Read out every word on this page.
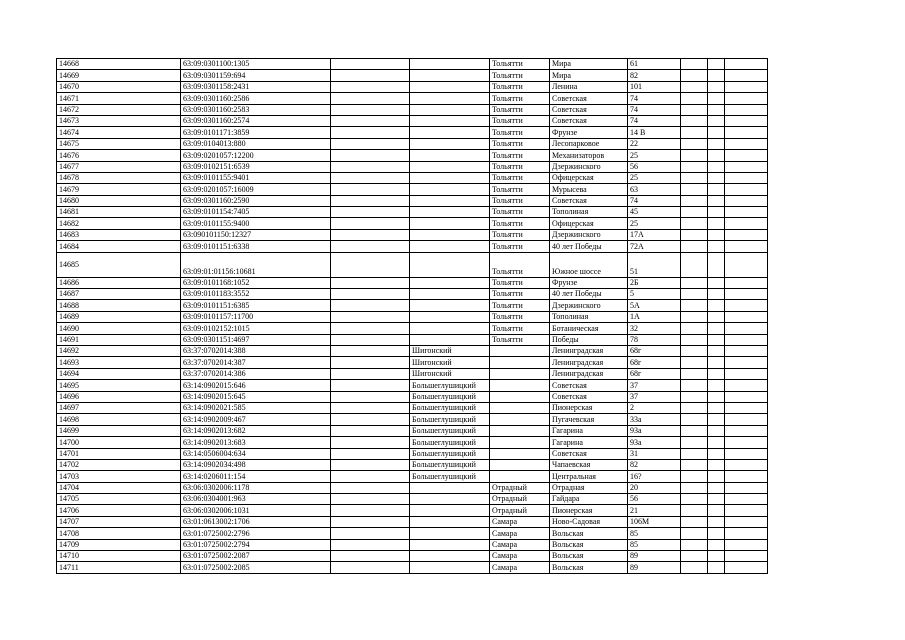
14668	63:09:0301100:1305			Тольятти	Мира	61			
14669	63:09:0301159:694			Тольятти	Мира	82			
14670	63:09:0301158:2431			Тольятти	Ленина	101			
14671	63:09:0301160:2586			Тольятти	Советская	74			
14672	63:09:0301160:2583			Тольятти	Советская	74			
14673	63:09:0301160:2574			Тольятти	Советская	74			
14674	63:09:0101171:3859			Тольятти	Фрунзе	14 В			
14675	63:09:0104013:880			Тольятти	Лесопарковое	22			
14676	63:09:0201057:12200			Тольятти	Механизаторов	25			
14677	63:09:0102151:6539			Тольятти	Дзержинского	56			
14678	63:09:0101155:9401			Тольятти	Офицерская	25			
14679	63:09:0201057:16009			Тольятти	Мурысева	63			
14680	63:09:0301160:2590			Тольятти	Советская	74			
14681	63:09:0101154:7405			Тольятти	Тополиная	45			
14682	63:09:0101155:9400			Тольятти	Офицерская	25			
14683	63:090101150:12327			Тольятти	Дзержинского	17А			
14684	63:09:0101151:6338			Тольятти	40 лет Победы	72А			
14685	63:09:01:01156:10681			Тольятти	Южное шоссе	51			
14686	63:09:0101168:1052			Тольятти	Фрунзе	2Б			
14687	63:09:0101183:3552			Тольятти	40 лет Победы	5			
14688	63:09:0101151:6385			Тольятти	Дзержинского	5А			
14689	63:09:0101157:11700			Тольятти	Тополиная	1А			
14690	63:09:0102152:1015			Тольятти	Ботаническая	32			
14691	63:09:0301151:4697			Тольятти	Победы	78			
14692	63:37:0702014:388		Шигонский		Ленинградская	68г			
14693	63:37:0702014:387		Шигонский		Ленинградская	68г			
14694	63:37:0702014:386		Шигонский		Ленинградская	68г			
14695	63:14:0902015:646		Большеглушицкий		Советская	37			
14696	63:14:0902015:645		Большеглушицкий		Советская	37			
14697	63:14:0902021:585		Большеглушицкий		Пионерская	2			
14698	63:14:0902009:467		Большеглушицкий		Пугачевская	33а			
14699	63:14:0902013:682		Большеглушицкий		Гагарина	93а			
14700	63:14:0902013:683		Большеглушицкий		Гагарина	93а			
14701	63:14:0506004:634		Большеглушицкий		Советская	31			
14702	63:14:0902034:498		Большеглушицкий		Чапаевская	82			
14703	63:14:0206011:154		Большеглушицкий		Центральная	16?			
14704	63:06:0302006:1178			Отрадный	Отрадная	20			
14705	63:06:0304001:963			Отрадный	Гайдара	56			
14706	63:06:0302006:1031			Отрадный	Пионерская	21			
14707	63:01:0613002:1706			Самара	Ново-Садовая	106М			
14708	63:01:0725002:2796			Самара	Вольская	85			
14709	63:01:0725002:2794			Самара	Вольская	85			
14710	63:01:0725002:2087			Самара	Вольская	89			
14711	63:01:0725002:2085			Самара	Вольская	89			
